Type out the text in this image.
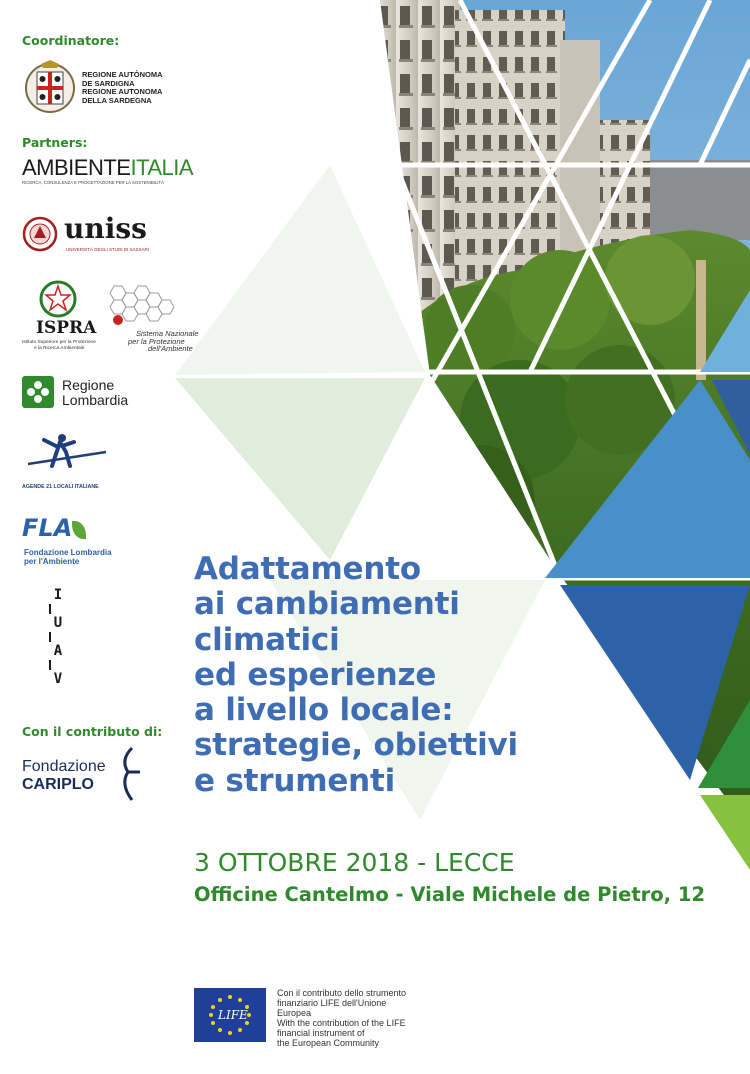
Coordinatore:
REGIONE AUTÒNOMA
DE SARDIGNA
REGIONE AUTONOMA
DELLA SARDEGNA
Partners:
AMBIENTEITALIA
RICERCA, CONSULENZA E PROGETTAZIONE PER LA SOSTENIBILITÀ
uniss
UNIVERSITÀ DEGLI STUDI DI SASSARI
ISPRA
Istituto Superiore per la Protezione
e la Ricerca Ambientale
Sistema Nazionale
per la Protezione
dell'Ambiente
Regione
Lombardia
AGENDE 21 LOCALI ITALIANE
FLA
Fondazione Lombardia
per l'Ambiente
I
U
A
V
Con il contributo di:
Fondazione
CARIPLO
Adattamento
ai cambiamenti
climatici
ed esperienze
a livello locale:
strategie, obiettivi
e strumenti
3 OTTOBRE 2018 - LECCE
Officine Cantelmo - Viale Michele de Pietro, 12
LIFE
Con il contributo dello strumento
finanziario LIFE dell'Unione
Europea
With the contribution of the LIFE
financial instrument of
the European Community
